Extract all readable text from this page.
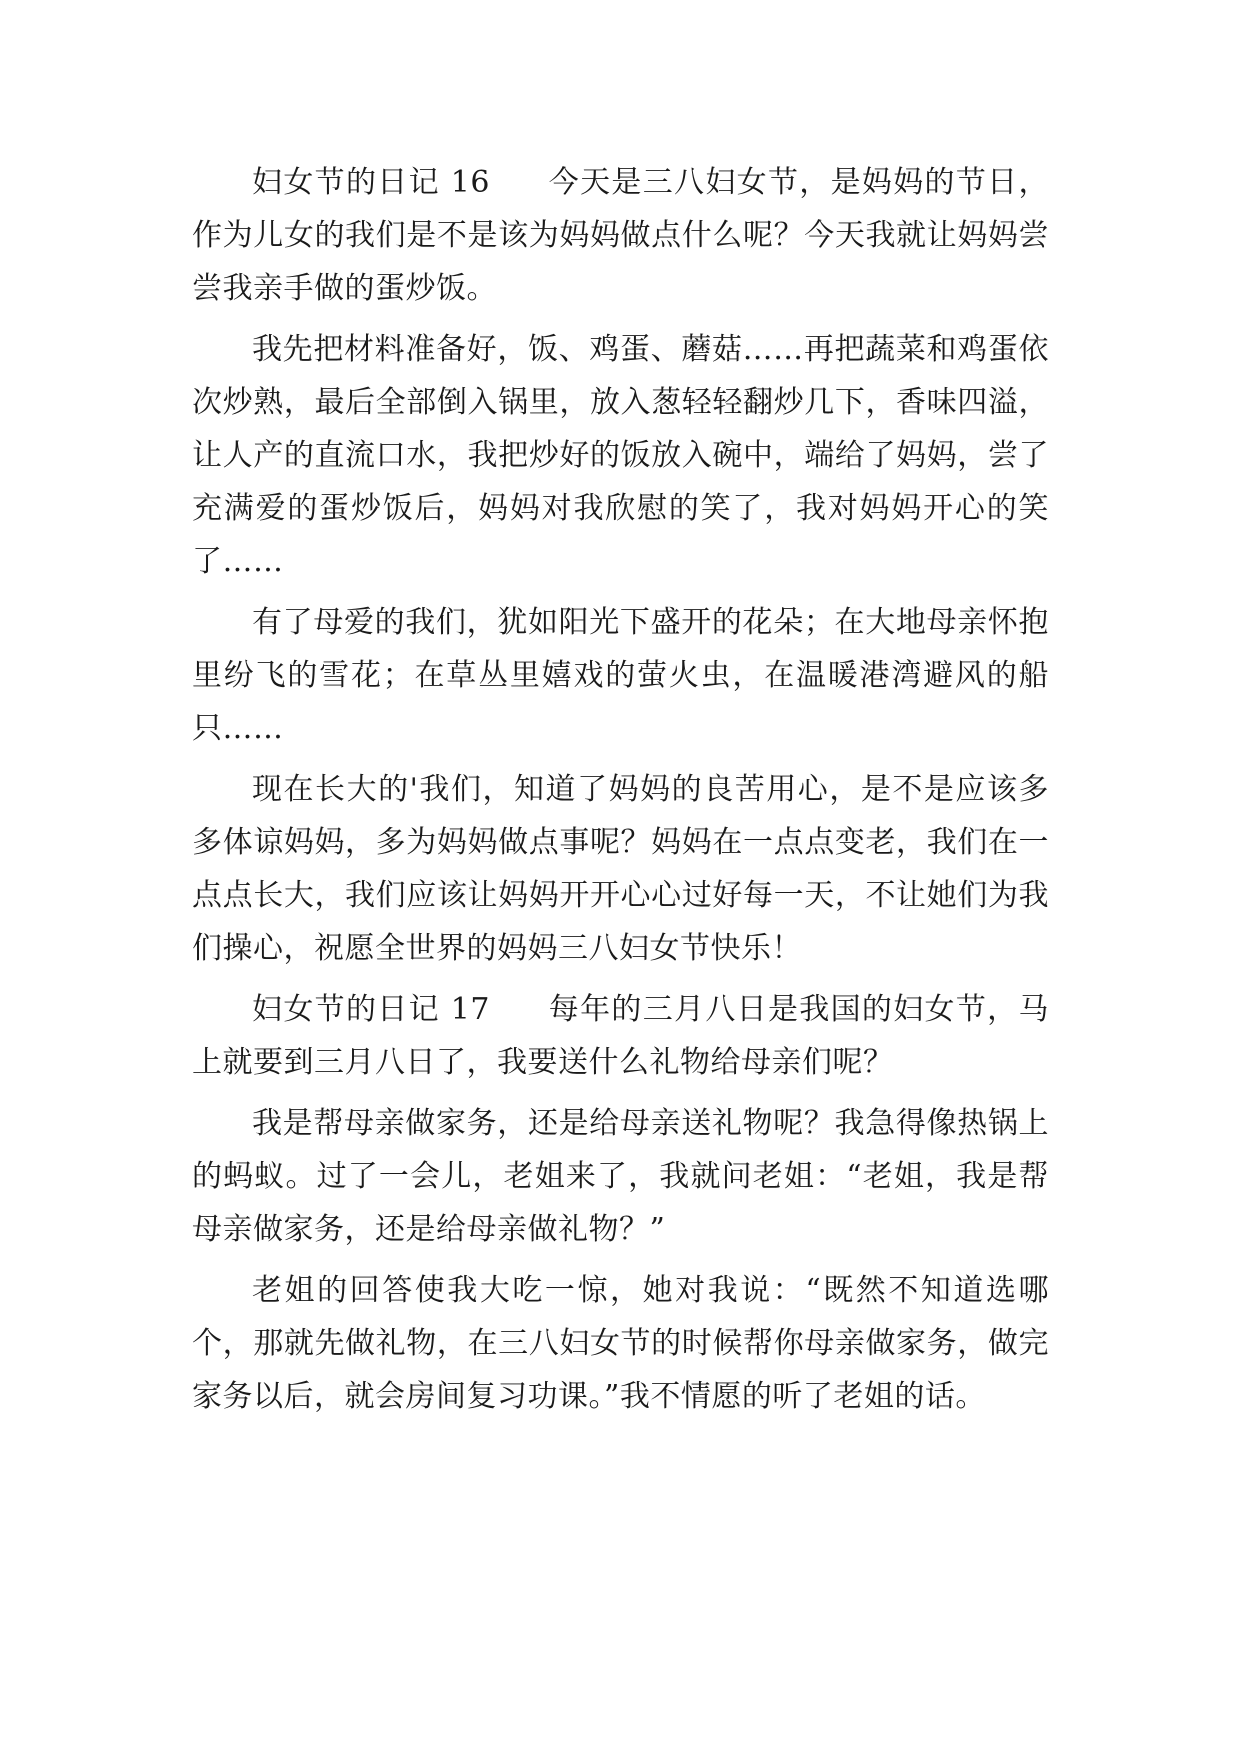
妇女节的日记 16 今天是三八妇女节，是妈妈的节日，作为儿女的我们是不是该为妈妈做点什么呢？今天我就让妈妈尝尝我亲手做的蛋炒饭。

我先把材料准备好，饭、鸡蛋、蘑菇……再把蔬菜和鸡蛋依次炒熟，最后全部倒入锅里，放入葱轻轻翻炒几下，香味四溢，让人产的直流口水，我把炒好的饭放入碗中，端给了妈妈，尝了充满爱的蛋炒饭后，妈妈对我欣慰的笑了，我对妈妈开心的笑了……

有了母爱的我们，犹如阳光下盛开的花朵；在大地母亲怀抱里纷飞的雪花；在草丛里嬉戏的萤火虫，在温暖港湾避风的船只……

现在长大的'我们，知道了妈妈的良苦用心，是不是应该多多体谅妈妈，多为妈妈做点事呢？妈妈在一点点变老，我们在一点点长大，我们应该让妈妈开开心心过好每一天，不让她们为我们操心，祝愿全世界的妈妈三八妇女节快乐！

妇女节的日记 17 每年的三月八日是我国的妇女节，马上就要到三月八日了，我要送什么礼物给母亲们呢？

我是帮母亲做家务，还是给母亲送礼物呢？我急得像热锅上的蚂蚁。过了一会儿，老姐来了，我就问老姐：“老姐，我是帮母亲做家务，还是给母亲做礼物？”

老姐的回答使我大吃一惊，她对我说：“既然不知道选哪个，那就先做礼物，在三八妇女节的时候帮你母亲做家务，做完家务以后，就会房间复习功课。”我不情愿的听了老姐的话。
